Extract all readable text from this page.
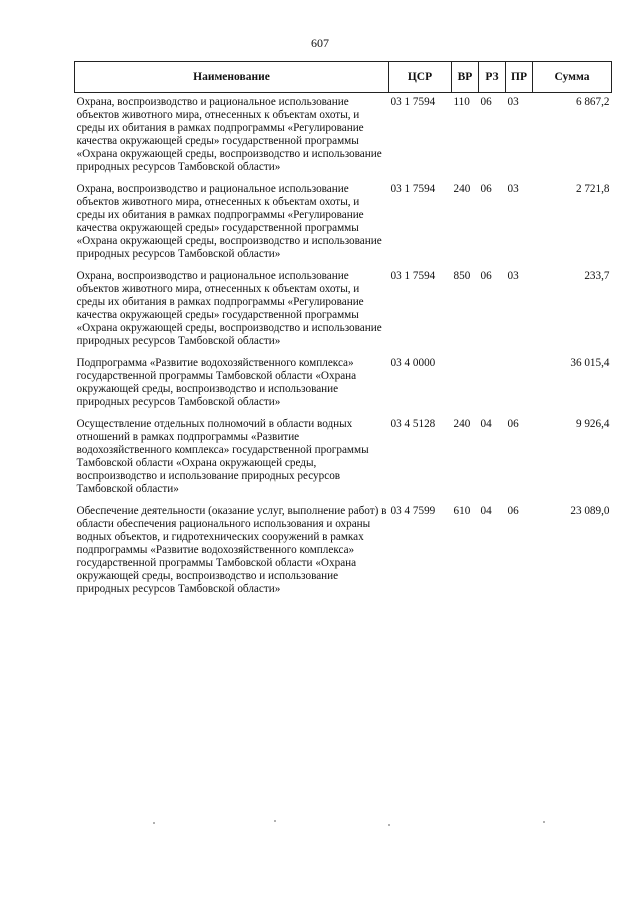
607
Наименование	ЦСР	ВР	РЗ	ПР	Сумма
Охрана, воспроизводство и рациональное использование объектов животного мира, отнесенных к объектам охоты, и среды их обитания в рамках подпрограммы «Регулирование качества окружающей среды» государственной программы «Охрана окружающей среды, воспроизводство и использование природных ресурсов Тамбовской области»	03 1 7594	110	06	03	6 867,2
Охрана, воспроизводство и рациональное использование объектов животного мира, отнесенных к объектам охоты, и среды их обитания в рамках подпрограммы «Регулирование качества окружающей среды» государственной программы «Охрана окружающей среды, воспроизводство и использование природных ресурсов Тамбовской области»	03 1 7594	240	06	03	2 721,8
Охрана, воспроизводство и рациональное использование объектов животного мира, отнесенных к объектам охоты, и среды их обитания в рамках подпрограммы «Регулирование качества окружающей среды» государственной программы «Охрана окружающей среды, воспроизводство и использование природных ресурсов Тамбовской области»	03 1 7594	850	06	03	233,7
Подпрограмма «Развитие водохозяйственного комплекса» государственной программы Тамбовской области «Охрана окружающей среды, воспроизводство и использование природных ресурсов Тамбовской области»	03 4 0000				36 015,4
Осуществление отдельных полномочий в области водных отношений в рамках подпрограммы «Развитие водохозяйственного комплекса» государственной программы Тамбовской области «Охрана окружающей среды, воспроизводство и использование природных ресурсов Тамбовской области»	03 4 5128	240	04	06	9 926,4
Обеспечение деятельности (оказание услуг, выполнение работ) в области обеспечения рационального использования и охраны водных объектов, и гидротехнических сооружений в рамках подпрограммы «Развитие водохозяйственного комплекса» государственной программы Тамбовской области «Охрана окружающей среды, воспроизводство и использование природных ресурсов Тамбовской области»	03 4 7599	610	04	06	23 089,0
